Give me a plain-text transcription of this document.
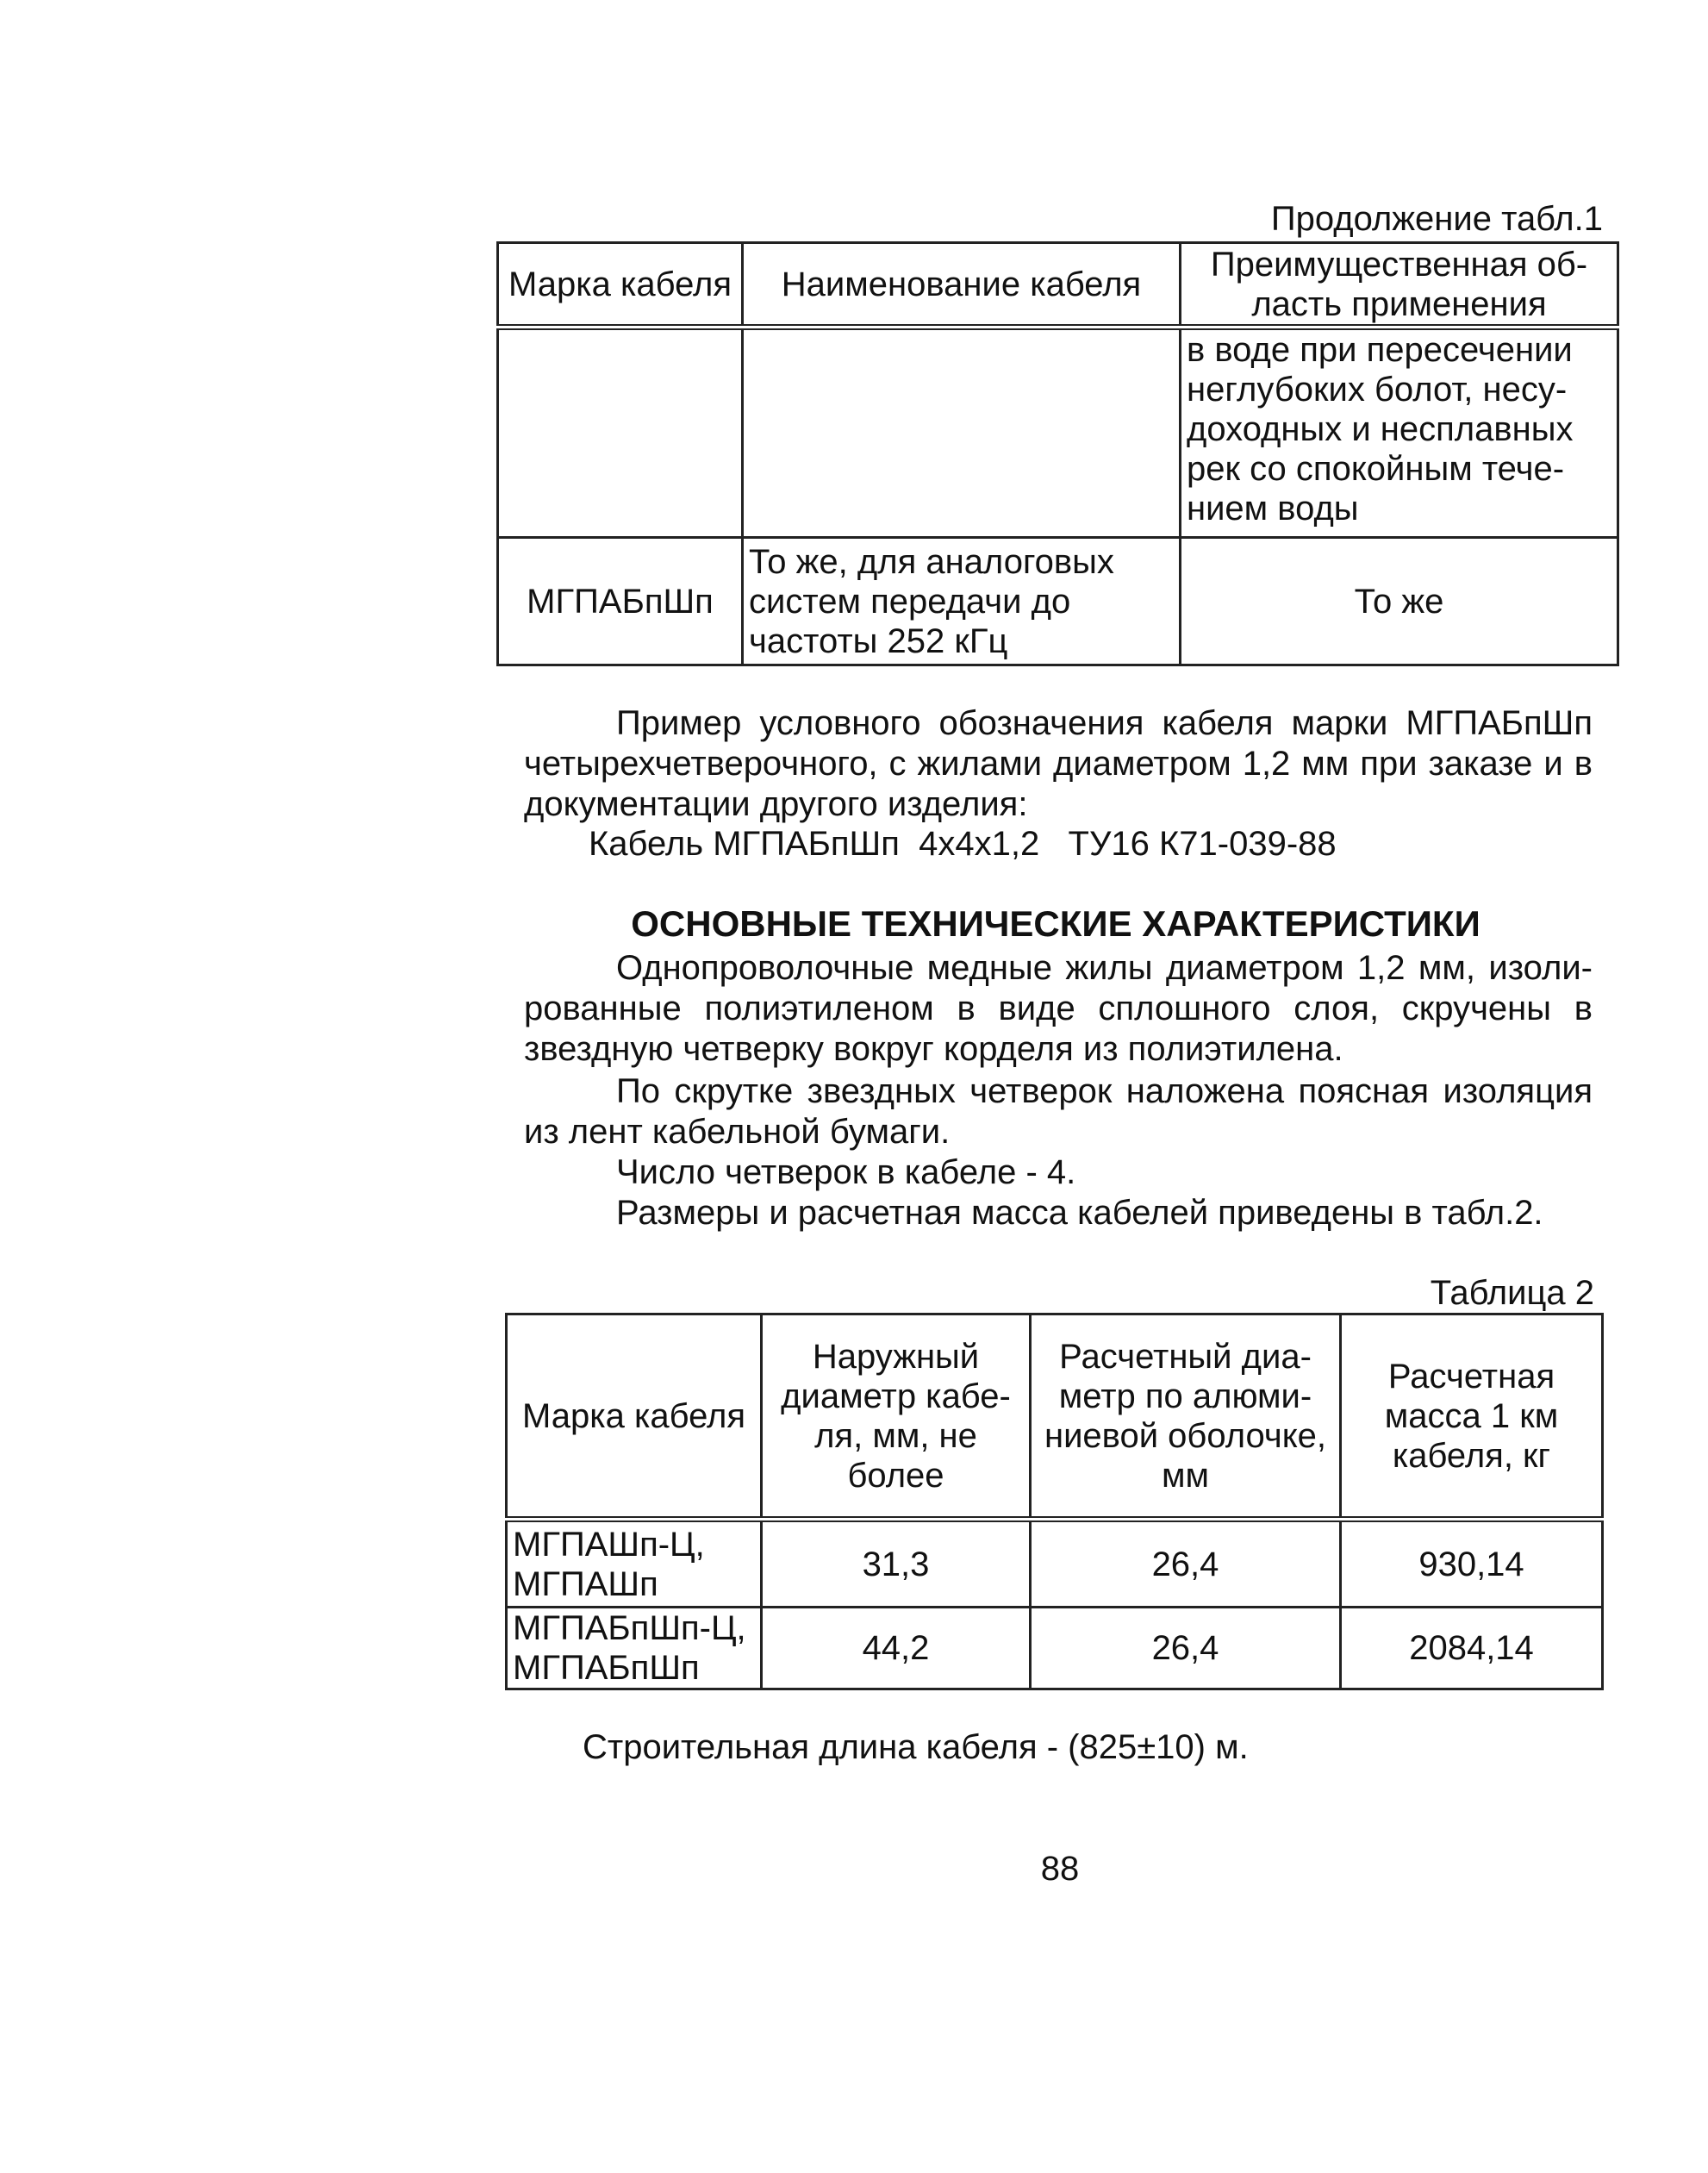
Продолжение табл.1
Марка кабеля	Наименование кабеля	Преимущественная об-ласть применения
		в воде при пересечении неглубоких болот, несу-доходных и несплавных рек со спокойным тече-нием воды
МГПАБпШп	То же, для аналоговых систем передачи до частоты 252 кГц	То же
Пример условного обозначения кабеля марки МГПАБпШп четырехчетверочного, с жилами диаметром 1,2 мм при заказе и в документации другого изделия:
Кабель МГПАБпШп  4х4х1,2   ТУ16 К71-039-88
ОСНОВНЫЕ ТЕХНИЧЕСКИЕ ХАРАКТЕРИСТИКИ
Однопроволочные медные жилы диаметром 1,2 мм, изоли-рованные полиэтиленом в виде сплошного слоя, скручены в звездную четверку вокруг корделя из полиэтилена.
По скрутке звездных четверок наложена поясная изоляция из лент кабельной бумаги.
Число четверок в кабеле - 4.
Размеры и расчетная масса кабелей приведены в табл.2.
Таблица 2
Марка кабеля	Наружный диаметр кабе-ля, мм, не более	Расчетный диа-метр по алюми-ниевой оболочке, мм	Расчетная масса 1 км кабеля, кг
МГПАШп-Ц, МГПАШп	31,3	26,4	930,14
МГПАБпШп-Ц, МГПАБпШп	44,2	26,4	2084,14
Строительная длина кабеля - (825±10) м.
88
